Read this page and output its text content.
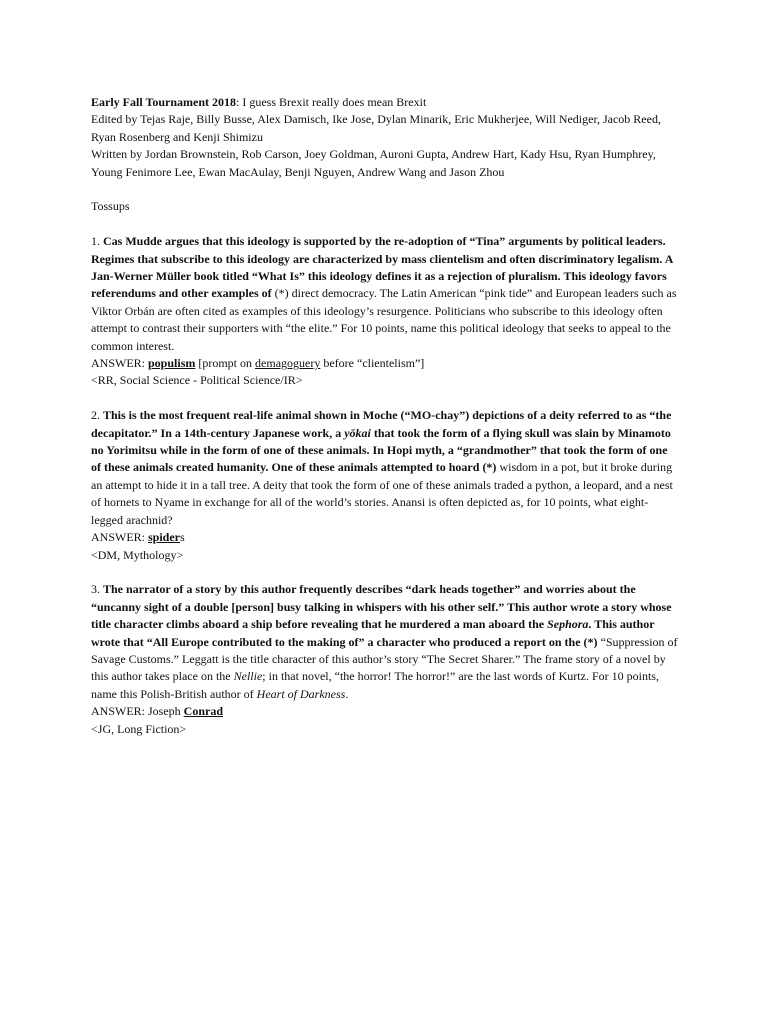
Early Fall Tournament 2018: I guess Brexit really does mean Brexit

Edited by Tejas Raje, Billy Busse, Alex Damisch, Ike Jose, Dylan Minarik, Eric Mukherjee, Will Nediger, Jacob Reed, Ryan Rosenberg and Kenji Shimizu

Written by Jordan Brownstein, Rob Carson, Joey Goldman, Auroni Gupta, Andrew Hart, Kady Hsu, Ryan Humphrey, Young Fenimore Lee, Ewan MacAulay, Benji Nguyen, Andrew Wang and Jason Zhou

Tossups

1. Cas Mudde argues that this ideology is supported by the re-adoption of “Tina” arguments by political leaders. Regimes that subscribe to this ideology are characterized by mass clientelism and often discriminatory legalism. A Jan-Werner Müller book titled “What Is” this ideology defines it as a rejection of pluralism. This ideology favors referendums and other examples of (*) direct democracy. The Latin American “pink tide” and European leaders such as Viktor Orbán are often cited as examples of this ideology’s resurgence. Politicians who subscribe to this ideology often attempt to contrast their supporters with “the elite.” For 10 points, name this political ideology that seeks to appeal to the common interest.

ANSWER: populism [prompt on demagoguery before “clientelism”]

<RR, Social Science - Political Science/IR>

2. This is the most frequent real-life animal shown in Moche (“MO-chay”) depictions of a deity referred to as “the decapitator.” In a 14th-century Japanese work, a yōkai that took the form of a flying skull was slain by Minamoto no Yorimitsu while in the form of one of these animals. In Hopi myth, a “grandmother” that took the form of one of these animals created humanity. One of these animals attempted to hoard (*) wisdom in a pot, but it broke during an attempt to hide it in a tall tree. A deity that took the form of one of these animals traded a python, a leopard, and a nest of hornets to Nyame in exchange for all of the world’s stories. Anansi is often depicted as, for 10 points, what eight-legged arachnid?

ANSWER: spiders

<DM, Mythology>

3. The narrator of a story by this author frequently describes “dark heads together” and worries about the “uncanny sight of a double [person] busy talking in whispers with his other self.” This author wrote a story whose title character climbs aboard a ship before revealing that he murdered a man aboard the Sephora. This author wrote that “All Europe contributed to the making of” a character who produced a report on the (*) “Suppression of Savage Customs.” Leggatt is the title character of this author’s story “The Secret Sharer.” The frame story of a novel by this author takes place on the Nellie; in that novel, “the horror! The horror!” are the last words of Kurtz. For 10 points, name this Polish-British author of Heart of Darkness.

ANSWER: Joseph Conrad

<JG, Long Fiction>
